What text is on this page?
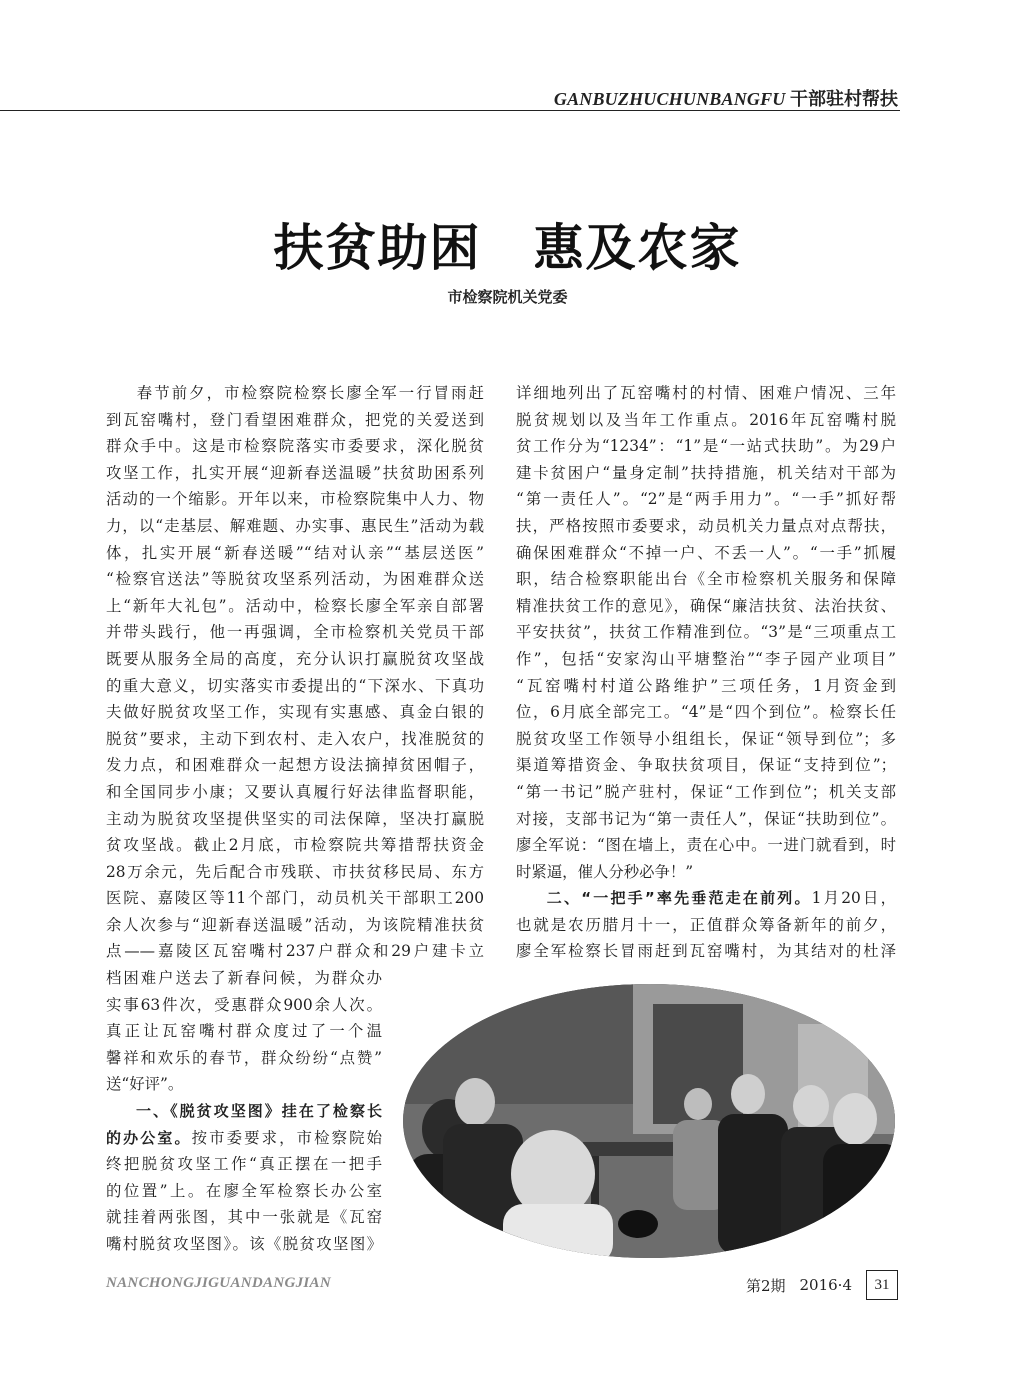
GANBUZHUCHUNBANGFU 干部驻村帮扶
扶贫助困　惠及农家
市检察院机关党委
春节前夕，市检察院检察长廖全军一行冒雨赶
到瓦窑嘴村，登门看望困难群众，把党的关爱送到
群众手中。这是市检察院落实市委要求，深化脱贫
攻坚工作，扎实开展“迎新春送温暖”扶贫助困系列
活动的一个缩影。开年以来，市检察院集中人力、物
力，以“走基层、解难题、办实事、惠民生”活动为载
体，扎实开展“新春送暖”“结对认亲”“基层送医”
“检察官送法”等脱贫攻坚系列活动，为困难群众送
上“新年大礼包”。活动中，检察长廖全军亲自部署
并带头践行，他一再强调，全市检察机关党员干部
既要从服务全局的高度，充分认识打赢脱贫攻坚战
的重大意义，切实落实市委提出的“下深水、下真功
夫做好脱贫攻坚工作，实现有实惠感、真金白银的
脱贫”要求，主动下到农村、走入农户，找准脱贫的
发力点，和困难群众一起想方设法摘掉贫困帽子，
和全国同步小康；又要认真履行好法律监督职能，
主动为脱贫攻坚提供坚实的司法保障，坚决打赢脱
贫攻坚战。截止2月底，市检察院共筹措帮扶资金
28万余元，先后配合市残联、市扶贫移民局、东方
医院、嘉陵区等11个部门，动员机关干部职工200
余人次参与“迎新春送温暖”活动，为该院精准扶贫
点——嘉陵区瓦窑嘴村237户群众和29户建卡立
档困难户送去了新春问候，为群众办
实事63件次，受惠群众900余人次。
真正让瓦窑嘴村群众度过了一个温
馨祥和欢乐的春节，群众纷纷“点赞”
送“好评”。
一、《脱贫攻坚图》挂在了检察长
的办公室。按市委要求，市检察院始
终把脱贫攻坚工作“真正摆在一把手
的位置”上。在廖全军检察长办公室
就挂着两张图，其中一张就是《瓦窑
嘴村脱贫攻坚图》。该《脱贫攻坚图》
详细地列出了瓦窑嘴村的村情、困难户情况、三年
脱贫规划以及当年工作重点。2016年瓦窑嘴村脱
贫工作分为“1234”：“1”是“一站式扶助”。为29户
建卡贫困户“量身定制”扶持措施，机关结对干部为
“第一责任人”。“2”是“两手用力”。“一手”抓好帮
扶，严格按照市委要求，动员机关力量点对点帮扶，
确保困难群众“不掉一户、不丢一人”。“一手”抓履
职，结合检察职能出台《全市检察机关服务和保障
精准扶贫工作的意见》，确保“廉洁扶贫、法治扶贫、
平安扶贫”，扶贫工作精准到位。“3”是“三项重点工
作”，包括“安家沟山平塘整治”“李子园产业项目”
“瓦窑嘴村村道公路维护”三项任务，1月资金到
位，6月底全部完工。“4”是“四个到位”。检察长任
脱贫攻坚工作领导小组组长，保证“领导到位”；多
渠道筹措资金、争取扶贫项目，保证“支持到位”；
“第一书记”脱产驻村，保证“工作到位”；机关支部
对接，支部书记为“第一责任人”，保证“扶助到位”。
廖全军说：“图在墙上，责在心中。一进门就看到，时
时紧逼，催人分秒必争！”
二、“一把手”率先垂范走在前列。1月20日，
也就是农历腊月十一，正值群众筹备新年的前夕，
廖全军检察长冒雨赶到瓦窑嘴村，为其结对的杜泽
NANCHONGJIGUANDANGJIAN	第2期 2016·4	31
